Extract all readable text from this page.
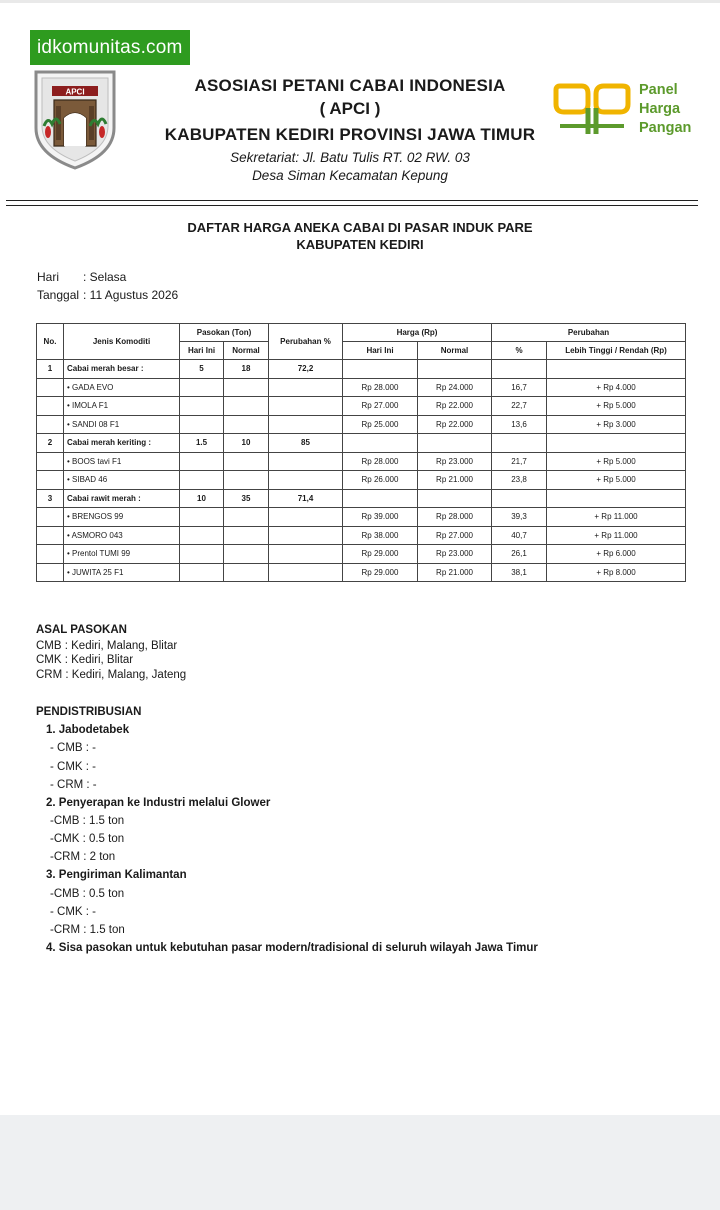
idkomunitas.com
APCI	ASOSIASI PETANI CABAI INDONESIA
( APCI )
KABUPATEN KEDIRI PROVINSI JAWA TIMUR
Sekretariat: Jl. Batu Tulis RT. 02 RW. 03
Desa Siman Kecamatan Kepung
Panel
Harga
Pangan
DAFTAR HARGA ANEKA CABAI DI PASAR INDUK PARE
KABUPATEN KEDIRI
Hari : Selasa
Tanggal : 11 Agustus 2026
No.	Jenis Komoditi	Pasokan (Ton)		Perubahan %	Harga (Rp)		Perubahan	
		Hari Ini	Normal		Hari Ini	Normal	%	Lebih Tinggi / Rendah (Rp)
1	Cabai merah besar :	5	18	72,2				
	• GADA EVO				Rp 28.000	Rp 24.000	16,7	+ Rp 4.000
	• IMOLA F1				Rp 27.000	Rp 22.000	22,7	+ Rp 5.000
	• SANDI 08 F1				Rp 25.000	Rp 22.000	13,6	+ Rp 3.000
2	Cabai merah keriting :	1.5	10	85				
	• BOOS tavi F1				Rp 28.000	Rp 23.000	21,7	+ Rp 5.000
	• SIBAD 46				Rp 26.000	Rp 21.000	23,8	+ Rp 5.000
3	Cabai rawit merah :	10	35	71,4				
	• BRENGOS 99				Rp 39.000	Rp 28.000	39,3	+ Rp 11.000
	• ASMORO 043				Rp 38.000	Rp 27.000	40,7	+ Rp 11.000
	• Prentol TUMI 99				Rp 29.000	Rp 23.000	26,1	+ Rp 6.000
	• JUWITA 25 F1				Rp 29.000	Rp 21.000	38,1	+ Rp 8.000
ASAL PASOKAN
CMB : Kediri, Malang, Blitar
CMK : Kediri, Blitar
CRM : Kediri, Malang, Jateng
PENDISTRIBUSIAN
1. Jabodetabek
- CMB : -
- CMK : -
- CRM : -
2. Penyerapan ke Industri melalui Glower
-CMB : 1.5 ton
-CMK : 0.5 ton
-CRM : 2 ton
3. Pengiriman Kalimantan
-CMB : 0.5 ton
- CMK : -
-CRM : 1.5 ton
4. Sisa pasokan untuk kebutuhan pasar modern/tradisional di seluruh wilayah Jawa Timur
